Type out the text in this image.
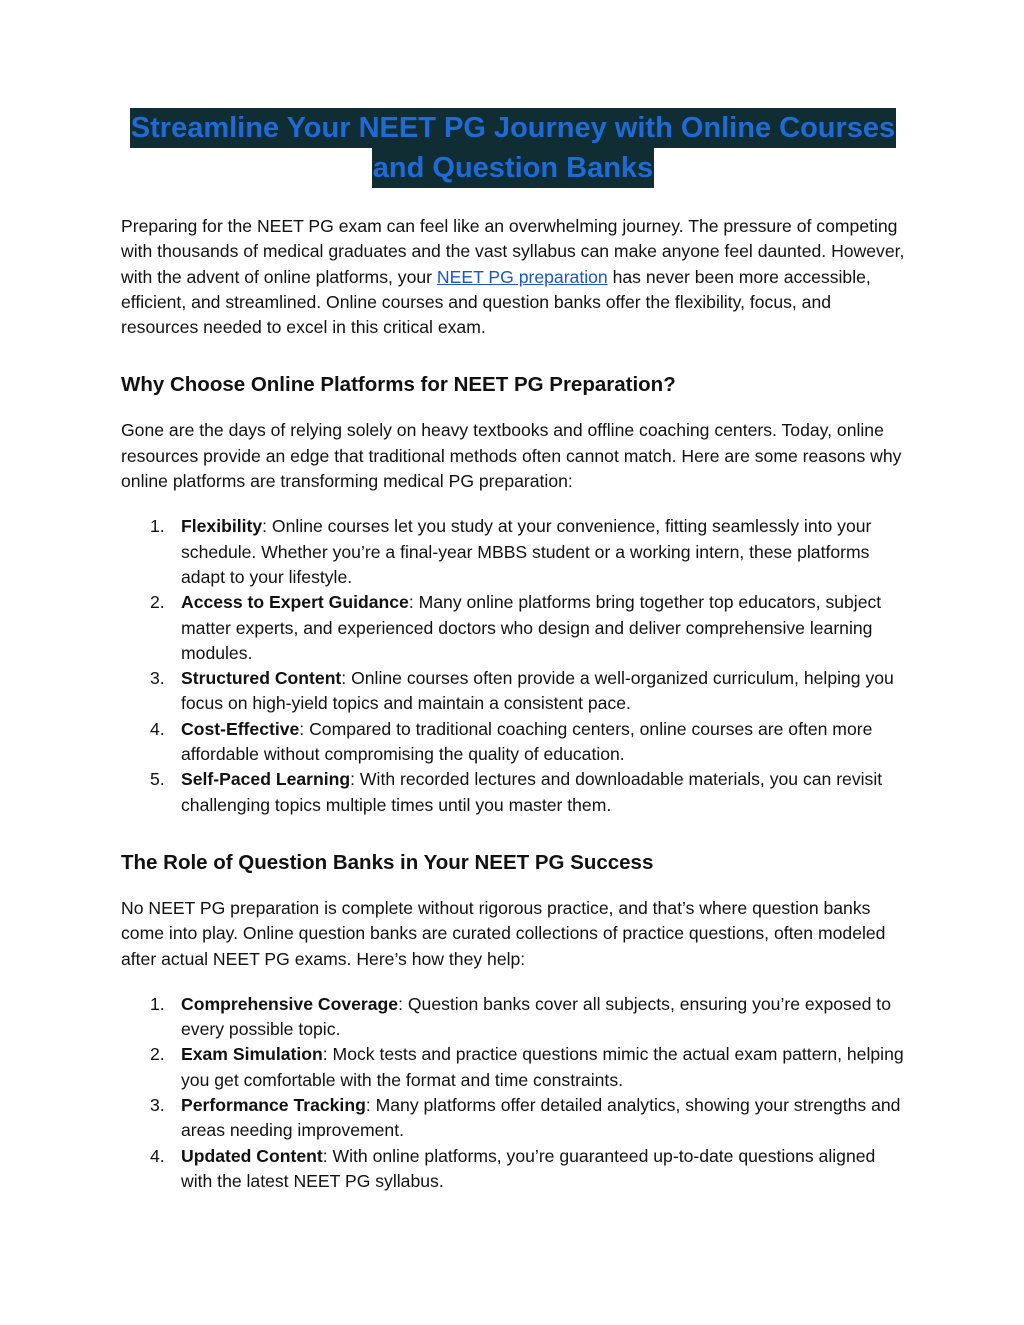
Streamline Your NEET PG Journey with Online Courses
and Question Banks

Preparing for the NEET PG exam can feel like an overwhelming journey. The pressure of competing with thousands of medical graduates and the vast syllabus can make anyone feel daunted. However, with the advent of online platforms, your NEET PG preparation has never been more accessible, efficient, and streamlined. Online courses and question banks offer the flexibility, focus, and resources needed to excel in this critical exam.

Why Choose Online Platforms for NEET PG Preparation?

Gone are the days of relying solely on heavy textbooks and offline coaching centers. Today, online resources provide an edge that traditional methods often cannot match. Here are some reasons why online platforms are transforming medical PG preparation:

1. Flexibility: Online courses let you study at your convenience, fitting seamlessly into your schedule. Whether you’re a final-year MBBS student or a working intern, these platforms adapt to your lifestyle.
2. Access to Expert Guidance: Many online platforms bring together top educators, subject matter experts, and experienced doctors who design and deliver comprehensive learning modules.
3. Structured Content: Online courses often provide a well-organized curriculum, helping you focus on high-yield topics and maintain a consistent pace.
4. Cost-Effective: Compared to traditional coaching centers, online courses are often more affordable without compromising the quality of education.
5. Self-Paced Learning: With recorded lectures and downloadable materials, you can revisit challenging topics multiple times until you master them.
The Role of Question Banks in Your NEET PG Success

No NEET PG preparation is complete without rigorous practice, and that’s where question banks come into play. Online question banks are curated collections of practice questions, often modeled after actual NEET PG exams. Here’s how they help:

1. Comprehensive Coverage: Question banks cover all subjects, ensuring you’re exposed to every possible topic.
2. Exam Simulation: Mock tests and practice questions mimic the actual exam pattern, helping you get comfortable with the format and time constraints.
3. Performance Tracking: Many platforms offer detailed analytics, showing your strengths and areas needing improvement.
4. Updated Content: With online platforms, you’re guaranteed up-to-date questions aligned with the latest NEET PG syllabus.
